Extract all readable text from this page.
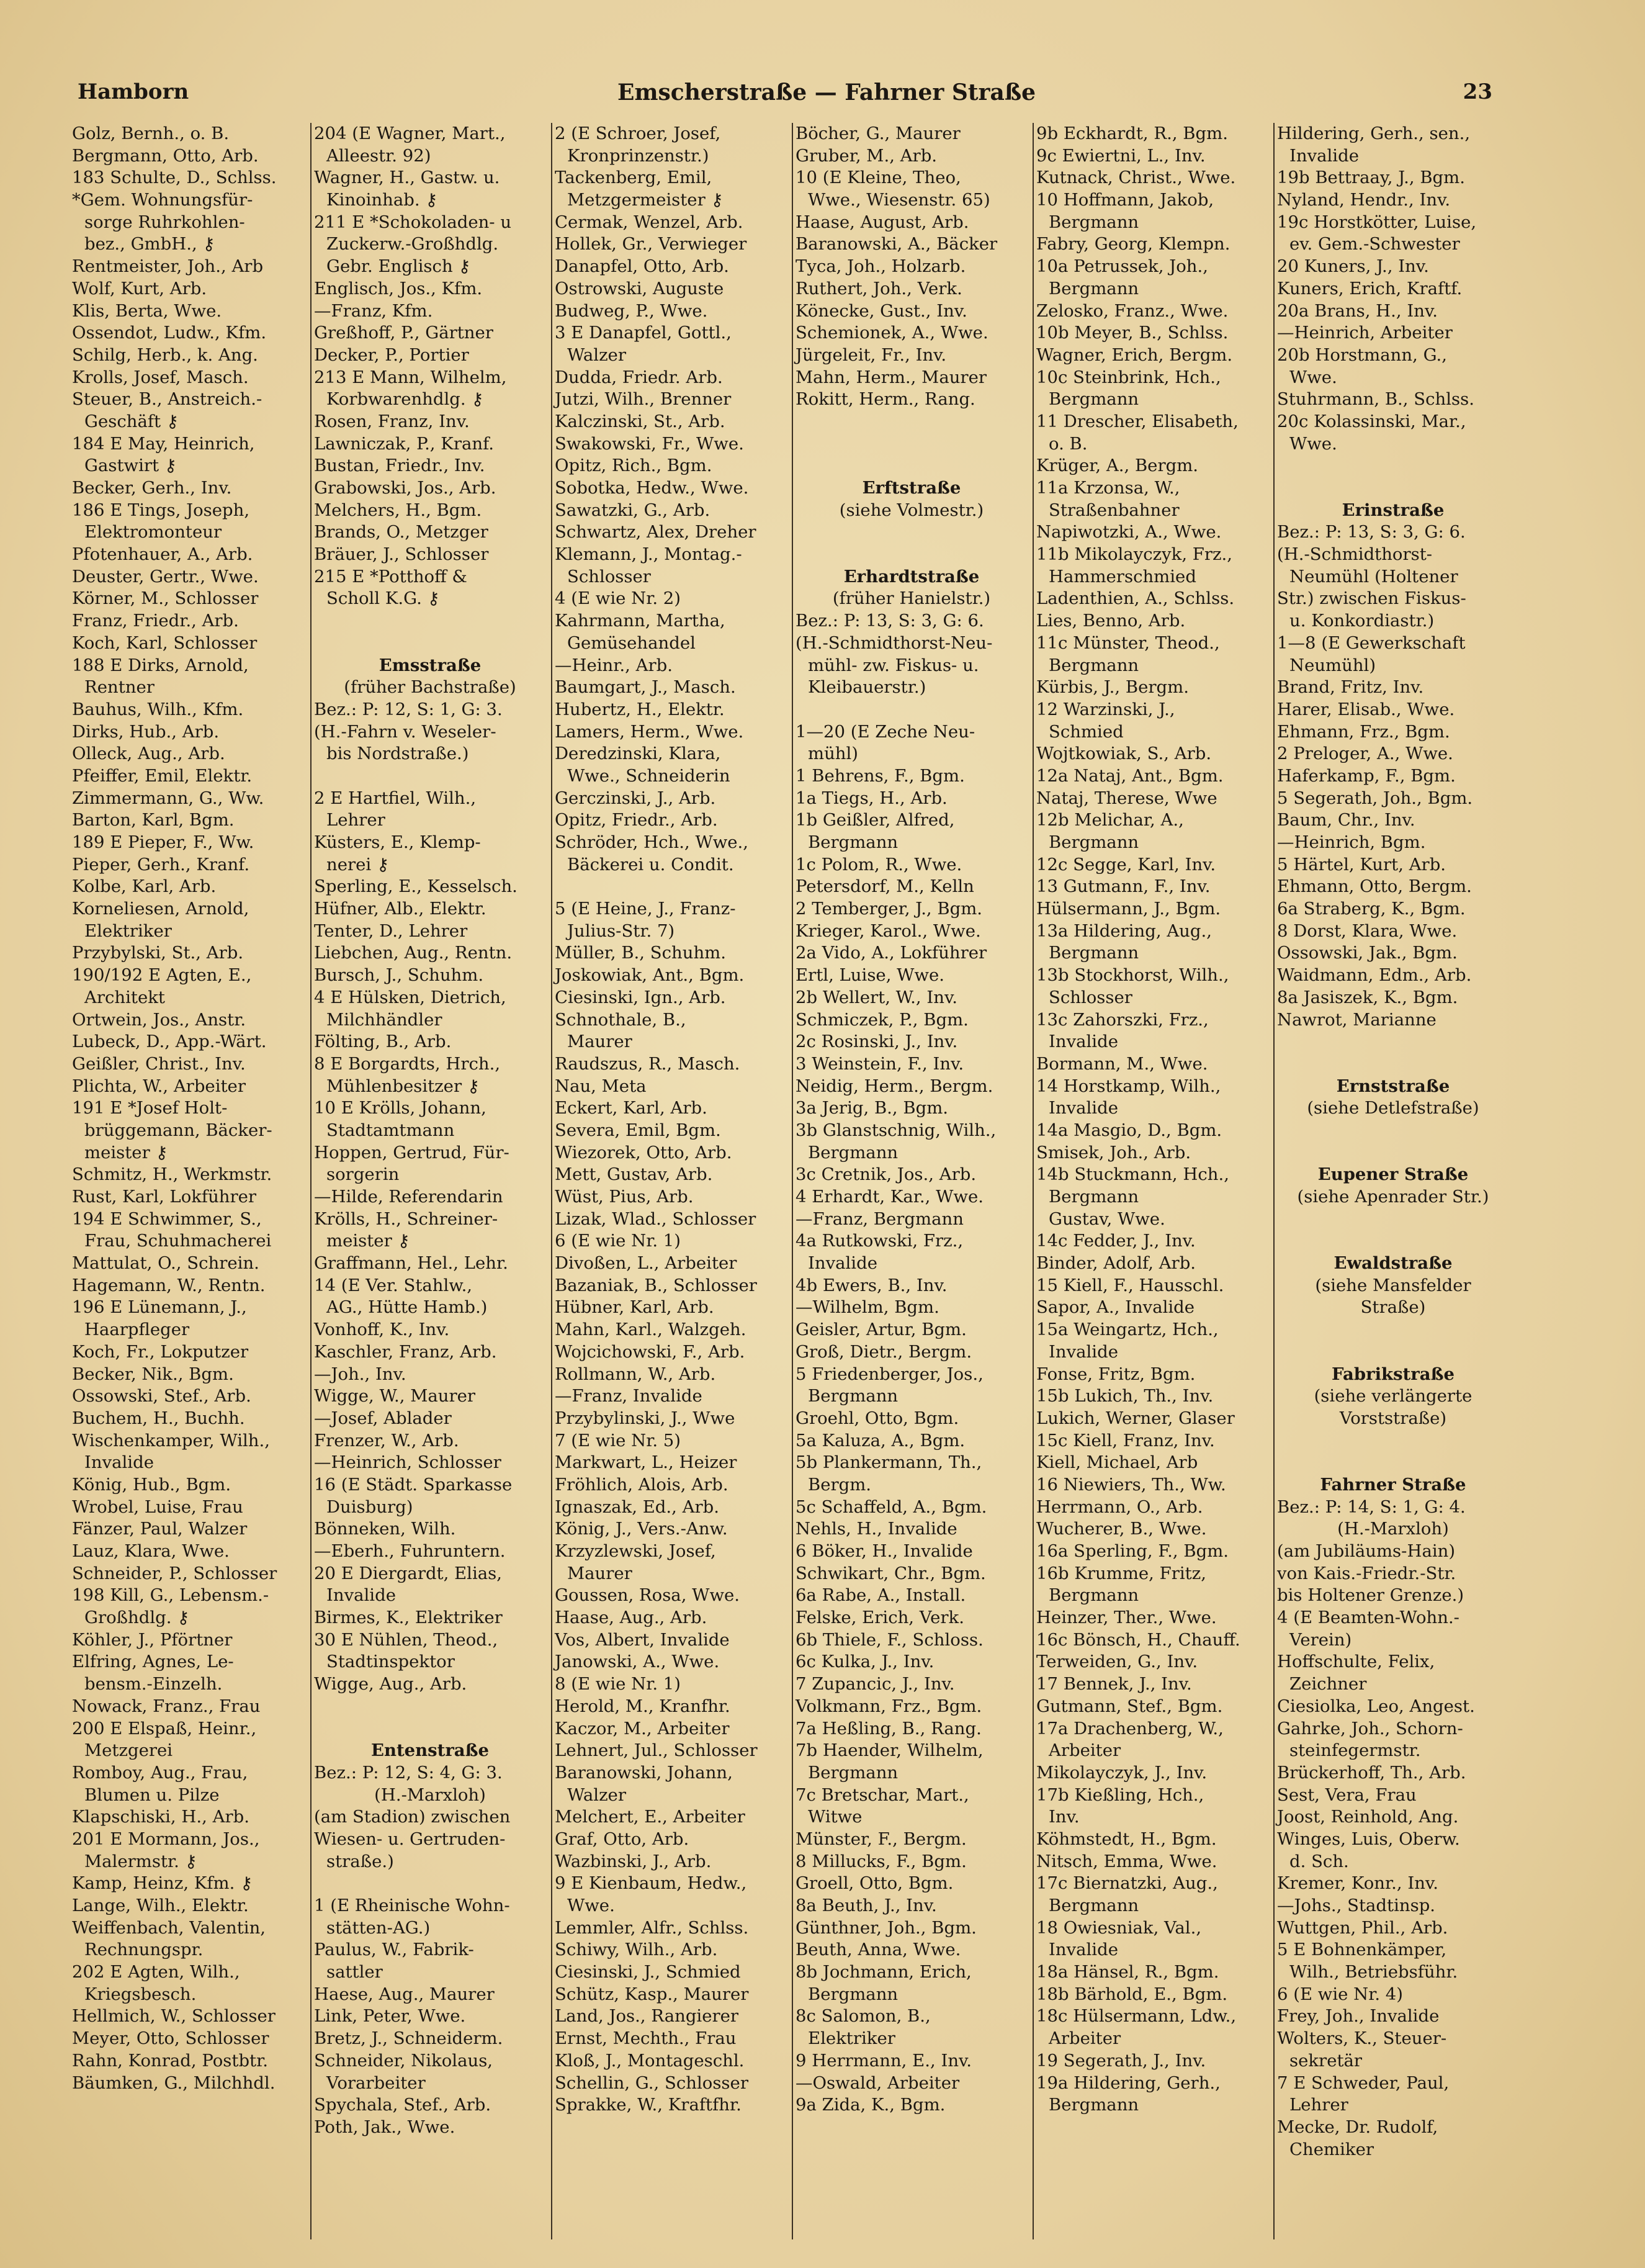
Hamborn	Emscherstraße — Fahrner Straße	23
Golz, Bernh., o. B.
Bergmann, Otto, Arb.
183 Schulte, D., Schlss.
*Gem. Wohnungsfür-
sorge Ruhrkohlen-
bez., GmbH., ⚷
Rentmeister, Joh., Arb
Wolf, Kurt, Arb.
Klis, Berta, Wwe.
Ossendot, Ludw., Kfm.
Schilg, Herb., k. Ang.
Krolls, Josef, Masch.
Steuer, B., Anstreich.-
Geschäft ⚷
184 E May, Heinrich,
Gastwirt ⚷
Becker, Gerh., Inv.
186 E Tings, Joseph,
Elektromonteur
Pfotenhauer, A., Arb.
Deuster, Gertr., Wwe.
Körner, M., Schlosser
Franz, Friedr., Arb.
Koch, Karl, Schlosser
188 E Dirks, Arnold,
Rentner
Bauhus, Wilh., Kfm.
Dirks, Hub., Arb.
Olleck, Aug., Arb.
Pfeiffer, Emil, Elektr.
Zimmermann, G., Ww.
Barton, Karl, Bgm.
189 E Pieper, F., Ww.
Pieper, Gerh., Kranf.
Kolbe, Karl, Arb.
Korneliesen, Arnold,
Elektriker
Przybylski, St., Arb.
190/192 E Agten, E.,
Architekt
Ortwein, Jos., Anstr.
Lubeck, D., App.-Wärt.
Geißler, Christ., Inv.
Plichta, W., Arbeiter
191 E *Josef Holt-
brüggemann, Bäcker-
meister ⚷
Schmitz, H., Werkmstr.
Rust, Karl, Lokführer
194 E Schwimmer, S.,
Frau, Schuhmacherei
Mattulat, O., Schrein.
Hagemann, W., Rentn.
196 E Lünemann, J.,
Haarpfleger
Koch, Fr., Lokputzer
Becker, Nik., Bgm.
Ossowski, Stef., Arb.
Buchem, H., Buchh.
Wischenkamper, Wilh.,
Invalide
König, Hub., Bgm.
Wrobel, Luise, Frau
Fänzer, Paul, Walzer
Lauz, Klara, Wwe.
Schneider, P., Schlosser
198 Kill, G., Lebensm.-
Großhdlg. ⚷
Köhler, J., Pförtner
Elfring, Agnes, Le-
bensm.-Einzelh.
Nowack, Franz., Frau
200 E Elspaß, Heinr.,
Metzgerei
Romboy, Aug., Frau,
Blumen u. Pilze
Klapschiski, H., Arb.
201 E Mormann, Jos.,
Malermstr. ⚷
Kamp, Heinz, Kfm. ⚷
Lange, Wilh., Elektr.
Weiffenbach, Valentin,
Rechnungspr.
202 E Agten, Wilh.,
Kriegsbesch.
Hellmich, W., Schlosser
Meyer, Otto, Schlosser
Rahn, Konrad, Postbtr.
Bäumken, G., Milchhdl.
204 (E Wagner, Mart.,
Alleestr. 92)
Wagner, H., Gastw. u.
Kinoinhab. ⚷
211 E *Schokoladen- u
Zuckerw.-Großhdlg.
Gebr. Englisch ⚷
Englisch, Jos., Kfm.
—Franz, Kfm.
Greßhoff, P., Gärtner
Decker, P., Portier
213 E Mann, Wilhelm,
Korbwarenhdlg. ⚷
Rosen, Franz, Inv.
Lawniczak, P., Kranf.
Bustan, Friedr., Inv.
Grabowski, Jos., Arb.
Melchers, H., Bgm.
Brands, O., Metzger
Bräuer, J., Schlosser
215 E *Potthoff &
Scholl K.G. ⚷
Emsstraße
(früher Bachstraße)
Bez.: P: 12, S: 1, G: 3.
(H.-Fahrn v. Weseler-
bis Nordstraße.)
2 E Hartfiel, Wilh.,
Lehrer
Küsters, E., Klemp-
nerei ⚷
Sperling, E., Kesselsch.
Hüfner, Alb., Elektr.
Tenter, D., Lehrer
Liebchen, Aug., Rentn.
Bursch, J., Schuhm.
4 E Hülsken, Dietrich,
Milchhändler
Fölting, B., Arb.
8 E Borgardts, Hrch.,
Mühlenbesitzer ⚷
10 E Krölls, Johann,
Stadtamtmann
Hoppen, Gertrud, Für-
sorgerin
—Hilde, Referendarin
Krölls, H., Schreiner-
meister ⚷
Graffmann, Hel., Lehr.
14 (E Ver. Stahlw.,
AG., Hütte Hamb.)
Vonhoff, K., Inv.
Kaschler, Franz, Arb.
—Joh., Inv.
Wigge, W., Maurer
—Josef, Ablader
Frenzer, W., Arb.
—Heinrich, Schlosser
16 (E Städt. Sparkasse
Duisburg)
Bönneken, Wilh.
—Eberh., Fuhruntern.
20 E Diergardt, Elias,
Invalide
Birmes, K., Elektriker
30 E Nühlen, Theod.,
Stadtinspektor
Wigge, Aug., Arb.
Entenstraße
Bez.: P: 12, S: 4, G: 3.
(H.-Marxloh)
(am Stadion) zwischen
Wiesen- u. Gertruden-
straße.)
1 (E Rheinische Wohn-
stätten-AG.)
Paulus, W., Fabrik-
sattler
Haese, Aug., Maurer
Link, Peter, Wwe.
Bretz, J., Schneiderm.
Schneider, Nikolaus,
Vorarbeiter
Spychala, Stef., Arb.
Poth, Jak., Wwe.
2 (E Schroer, Josef,
Kronprinzenstr.)
Tackenberg, Emil,
Metzgermeister ⚷
Cermak, Wenzel, Arb.
Hollek, Gr., Verwieger
Danapfel, Otto, Arb.
Ostrowski, Auguste
Budweg, P., Wwe.
3 E Danapfel, Gottl.,
Walzer
Dudda, Friedr. Arb.
Jutzi, Wilh., Brenner
Kalczinski, St., Arb.
Swakowski, Fr., Wwe.
Opitz, Rich., Bgm.
Sobotka, Hedw., Wwe.
Sawatzki, G., Arb.
Schwartz, Alex, Dreher
Klemann, J., Montag.-
Schlosser
4 (E wie Nr. 2)
Kahrmann, Martha,
Gemüsehandel
—Heinr., Arb.
Baumgart, J., Masch.
Hubertz, H., Elektr.
Lamers, Herm., Wwe.
Deredzinski, Klara,
Wwe., Schneiderin
Gerczinski, J., Arb.
Opitz, Friedr., Arb.
Schröder, Hch., Wwe.,
Bäckerei u. Condit.
5 (E Heine, J., Franz-
Julius-Str. 7)
Müller, B., Schuhm.
Joskowiak, Ant., Bgm.
Ciesinski, Ign., Arb.
Schnothale, B.,
Maurer
Raudszus, R., Masch.
Nau, Meta
Eckert, Karl, Arb.
Severa, Emil, Bgm.
Wiezorek, Otto, Arb.
Mett, Gustav, Arb.
Wüst, Pius, Arb.
Lizak, Wlad., Schlosser
6 (E wie Nr. 1)
Divoßen, L., Arbeiter
Bazaniak, B., Schlosser
Hübner, Karl, Arb.
Mahn, Karl., Walzgeh.
Wojcichowski, F., Arb.
Rollmann, W., Arb.
—Franz, Invalide
Przybylinski, J., Wwe
7 (E wie Nr. 5)
Markwart, L., Heizer
Fröhlich, Alois, Arb.
Ignaszak, Ed., Arb.
König, J., Vers.-Anw.
Krzyzlewski, Josef,
Maurer
Goussen, Rosa, Wwe.
Haase, Aug., Arb.
Vos, Albert, Invalide
Janowski, A., Wwe.
8 (E wie Nr. 1)
Herold, M., Kranfhr.
Kaczor, M., Arbeiter
Lehnert, Jul., Schlosser
Baranowski, Johann,
Walzer
Melchert, E., Arbeiter
Graf, Otto, Arb.
Wazbinski, J., Arb.
9 E Kienbaum, Hedw.,
Wwe.
Lemmler, Alfr., Schlss.
Schiwy, Wilh., Arb.
Ciesinski, J., Schmied
Schütz, Kasp., Maurer
Land, Jos., Rangierer
Ernst, Mechth., Frau
Kloß, J., Montageschl.
Schellin, G., Schlosser
Sprakke, W., Kraftfhr.
Böcher, G., Maurer
Gruber, M., Arb.
10 (E Kleine, Theo,
Wwe., Wiesenstr. 65)
Haase, August, Arb.
Baranowski, A., Bäcker
Tyca, Joh., Holzarb.
Ruthert, Joh., Verk.
Könecke, Gust., Inv.
Schemionek, A., Wwe.
Jürgeleit, Fr., Inv.
Mahn, Herm., Maurer
Rokitt, Herm., Rang.
Erftstraße
(siehe Volmestr.)
Erhardtstraße
(früher Hanielstr.)
Bez.: P: 13, S: 3, G: 6.
(H.-Schmidthorst-Neu-
mühl- zw. Fiskus- u.
Kleibauerstr.)
1—20 (E Zeche Neu-
mühl)
1 Behrens, F., Bgm.
1a Tiegs, H., Arb.
1b Geißler, Alfred,
Bergmann
1c Polom, R., Wwe.
Petersdorf, M., Kelln
2 Temberger, J., Bgm.
Krieger, Karol., Wwe.
2a Vido, A., Lokführer
Ertl, Luise, Wwe.
2b Wellert, W., Inv.
Schmiczek, P., Bgm.
2c Rosinski, J., Inv.
3 Weinstein, F., Inv.
Neidig, Herm., Bergm.
3a Jerig, B., Bgm.
3b Glanstschnig, Wilh.,
Bergmann
3c Cretnik, Jos., Arb.
4 Erhardt, Kar., Wwe.
—Franz, Bergmann
4a Rutkowski, Frz.,
Invalide
4b Ewers, B., Inv.
—Wilhelm, Bgm.
Geisler, Artur, Bgm.
Groß, Dietr., Bergm.
5 Friedenberger, Jos.,
Bergmann
Groehl, Otto, Bgm.
5a Kaluza, A., Bgm.
5b Plankermann, Th.,
Bergm.
5c Schaffeld, A., Bgm.
Nehls, H., Invalide
6 Böker, H., Invalide
Schwikart, Chr., Bgm.
6a Rabe, A., Install.
Felske, Erich, Verk.
6b Thiele, F., Schloss.
6c Kulka, J., Inv.
7 Zupancic, J., Inv.
Volkmann, Frz., Bgm.
7a Heßling, B., Rang.
7b Haender, Wilhelm,
Bergmann
7c Bretschar, Mart.,
Witwe
Münster, F., Bergm.
8 Millucks, F., Bgm.
Groell, Otto, Bgm.
8a Beuth, J., Inv.
Günthner, Joh., Bgm.
Beuth, Anna, Wwe.
8b Jochmann, Erich,
Bergmann
8c Salomon, B.,
Elektriker
9 Herrmann, E., Inv.
—Oswald, Arbeiter
9a Zida, K., Bgm.
9b Eckhardt, R., Bgm.
9c Ewiertni, L., Inv.
Kutnack, Christ., Wwe.
10 Hoffmann, Jakob,
Bergmann
Fabry, Georg, Klempn.
10a Petrussek, Joh.,
Bergmann
Zelosko, Franz., Wwe.
10b Meyer, B., Schlss.
Wagner, Erich, Bergm.
10c Steinbrink, Hch.,
Bergmann
11 Drescher, Elisabeth,
o. B.
Krüger, A., Bergm.
11a Krzonsa, W.,
Straßenbahner
Napiwotzki, A., Wwe.
11b Mikolayczyk, Frz.,
Hammerschmied
Ladenthien, A., Schlss.
Lies, Benno, Arb.
11c Münster, Theod.,
Bergmann
Kürbis, J., Bergm.
12 Warzinski, J.,
Schmied
Wojtkowiak, S., Arb.
12a Nataj, Ant., Bgm.
Nataj, Therese, Wwe
12b Melichar, A.,
Bergmann
12c Segge, Karl, Inv.
13 Gutmann, F., Inv.
Hülsermann, J., Bgm.
13a Hildering, Aug.,
Bergmann
13b Stockhorst, Wilh.,
Schlosser
13c Zahorszki, Frz.,
Invalide
Bormann, M., Wwe.
14 Horstkamp, Wilh.,
Invalide
14a Masgio, D., Bgm.
Smisek, Joh., Arb.
14b Stuckmann, Hch.,
Bergmann
Gustav, Wwe.
14c Fedder, J., Inv.
Binder, Adolf, Arb.
15 Kiell, F., Hausschl.
Sapor, A., Invalide
15a Weingartz, Hch.,
Invalide
Fonse, Fritz, Bgm.
15b Lukich, Th., Inv.
Lukich, Werner, Glaser
15c Kiell, Franz, Inv.
Kiell, Michael, Arb
16 Niewiers, Th., Ww.
Herrmann, O., Arb.
Wucherer, B., Wwe.
16a Sperling, F., Bgm.
16b Krumme, Fritz,
Bergmann
Heinzer, Ther., Wwe.
16c Bönsch, H., Chauff.
Terweiden, G., Inv.
17 Bennek, J., Inv.
Gutmann, Stef., Bgm.
17a Drachenberg, W.,
Arbeiter
Mikolayczyk, J., Inv.
17b Kießling, Hch.,
Inv.
Köhmstedt, H., Bgm.
Nitsch, Emma, Wwe.
17c Biernatzki, Aug.,
Bergmann
18 Owiesniak, Val.,
Invalide
18a Hänsel, R., Bgm.
18b Bärhold, E., Bgm.
18c Hülsermann, Ldw.,
Arbeiter
19 Segerath, J., Inv.
19a Hildering, Gerh.,
Bergmann
Hildering, Gerh., sen.,
Invalide
19b Bettraay, J., Bgm.
Nyland, Hendr., Inv.
19c Horstkötter, Luise,
ev. Gem.-Schwester
20 Kuners, J., Inv.
Kuners, Erich, Kraftf.
20a Brans, H., Inv.
—Heinrich, Arbeiter
20b Horstmann, G.,
Wwe.
Stuhrmann, B., Schlss.
20c Kolassinski, Mar.,
Wwe.
Erinstraße
Bez.: P: 13, S: 3, G: 6.
(H.-Schmidthorst-
Neumühl (Holtener
Str.) zwischen Fiskus-
u. Konkordiastr.)
1—8 (E Gewerkschaft
Neumühl)
Brand, Fritz, Inv.
Harer, Elisab., Wwe.
Ehmann, Frz., Bgm.
2 Preloger, A., Wwe.
Haferkamp, F., Bgm.
5 Segerath, Joh., Bgm.
Baum, Chr., Inv.
—Heinrich, Bgm.
5 Härtel, Kurt, Arb.
Ehmann, Otto, Bergm.
6a Straberg, K., Bgm.
8 Dorst, Klara, Wwe.
Ossowski, Jak., Bgm.
Waidmann, Edm., Arb.
8a Jasiszek, K., Bgm.
Nawrot, Marianne
Ernststraße
(siehe Detlefstraße)
Eupener Straße
(siehe Apenrader Str.)
Ewaldstraße
(siehe Mansfelder
Straße)
Fabrikstraße
(siehe verlängerte
Vorststraße)
Fahrner Straße
Bez.: P: 14, S: 1, G: 4.
(H.-Marxloh)
(am Jubiläums-Hain)
von Kais.-Friedr.-Str.
bis Holtener Grenze.)
4 (E Beamten-Wohn.-
Verein)
Hoffschulte, Felix,
Zeichner
Ciesiolka, Leo, Angest.
Gahrke, Joh., Schorn-
steinfegermstr.
Brückerhoff, Th., Arb.
Sest, Vera, Frau
Joost, Reinhold, Ang.
Winges, Luis, Oberw.
d. Sch.
Kremer, Konr., Inv.
—Johs., Stadtinsp.
Wuttgen, Phil., Arb.
5 E Bohnenkämper,
Wilh., Betriebsführ.
6 (E wie Nr. 4)
Frey, Joh., Invalide
Wolters, K., Steuer-
sekretär
7 E Schweder, Paul,
Lehrer
Mecke, Dr. Rudolf,
Chemiker
